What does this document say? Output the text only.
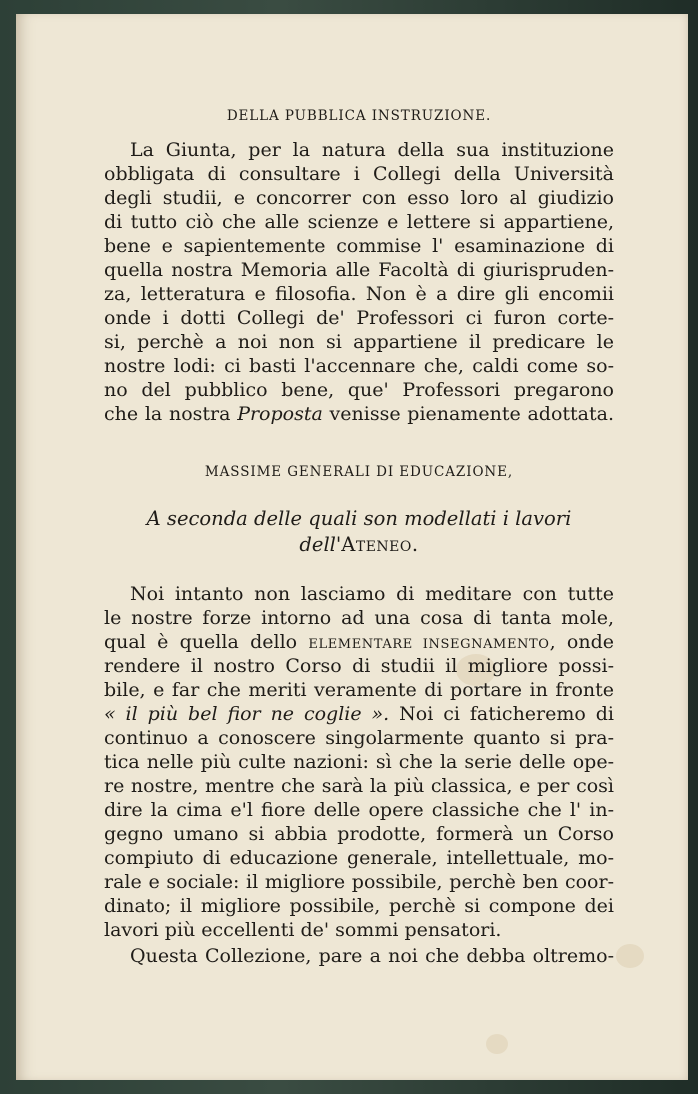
DELLA PUBBLICA INSTRUZIONE.
La Giunta, per la natura della sua instituzione
obbligata di consultare i Collegi della Università
degli studii, e concorrer con esso loro al giudizio
di tutto ciò che alle scienze e lettere si appartiene,
bene e sapientemente commise l' esaminazione di
quella nostra Memoria alle Facoltà di giurispruden-
za, letteratura e filosofia. Non è a dire gli encomii
onde i dotti Collegi de' Professori ci furon corte-
si, perchè a noi non si appartiene il predicare le
nostre lodi: ci basti l'accennare che, caldi come so-
no del pubblico bene, que' Professori pregarono
che la nostra Proposta venisse pienamente adottata.
MASSIME GENERALI DI EDUCAZIONE,
A seconda delle quali son modellati i lavori
dell'Ateneo.
Noi intanto non lasciamo di meditare con tutte
le nostre forze intorno ad una cosa di tanta mole,
qual è quella dello ELEMENTARE INSEGNAMENTO, onde
rendere il nostro Corso di studii il migliore possi-
bile, e far che meriti veramente di portare in fronte
« il più bel fior ne coglie ». Noi ci faticheremo di
continuo a conoscere singolarmente quanto si pra-
tica nelle più culte nazioni: sì che la serie delle ope-
re nostre, mentre che sarà la più classica, e per così
dire la cima e'l fiore delle opere classiche che l' in-
gegno umano si abbia prodotte, formerà un Corso
compiuto di educazione generale, intellettuale, mo-
rale e sociale: il migliore possibile, perchè ben coor-
dinato; il migliore possibile, perchè si compone dei
lavori più eccellenti de' sommi pensatori.
Questa Collezione, pare a noi che debba oltremo-
